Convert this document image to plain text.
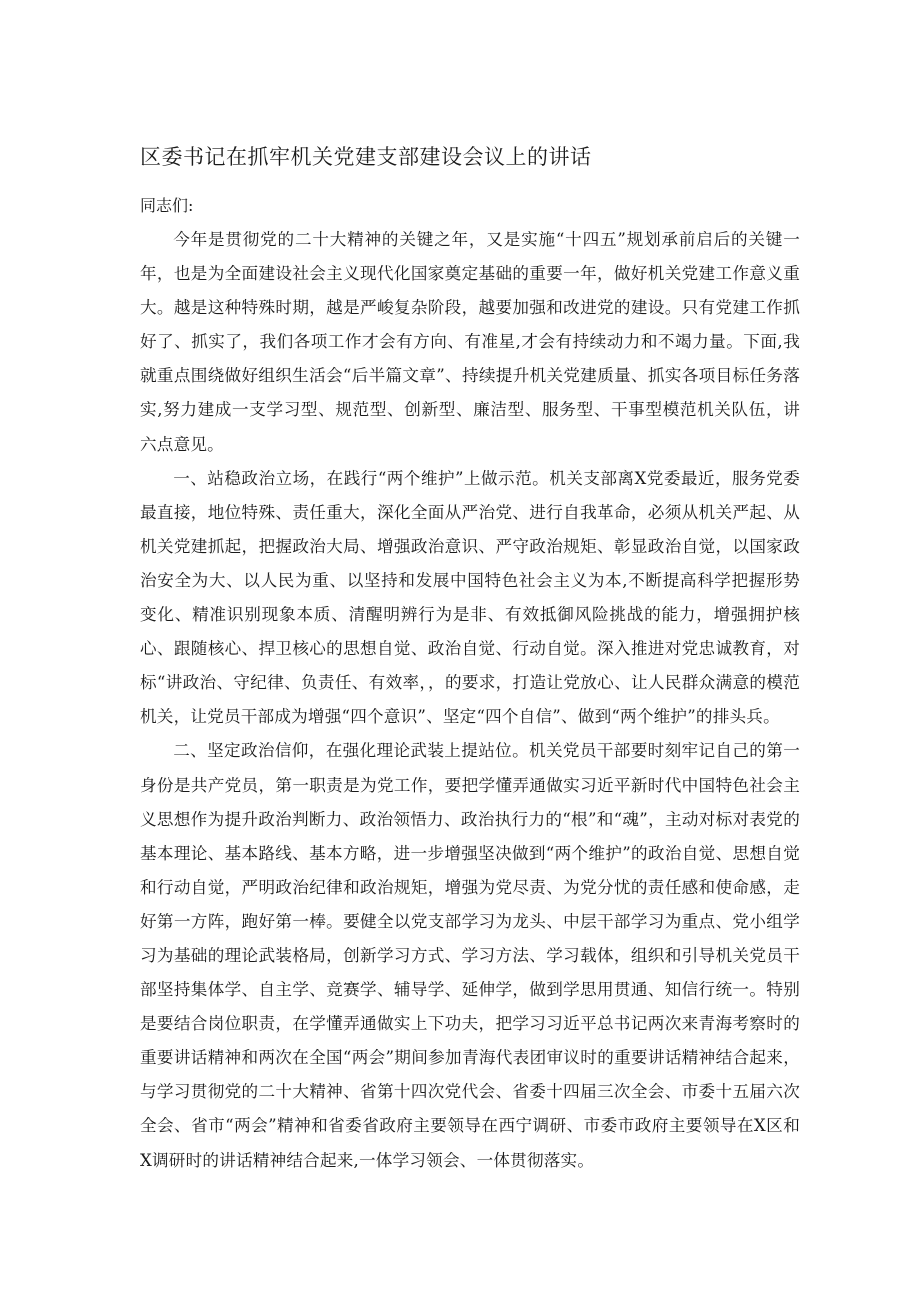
区委书记在抓牢机关党建支部建设会议上的讲话

同志们:

今年是贯彻党的二十大精神的关键之年，又是实施“十四五”规划承前启后的关键一年，也是为全面建设社会主义现代化国家奠定基础的重要一年，做好机关党建工作意义重大。越是这种特殊时期，越是严峻复杂阶段，越要加强和改进党的建设。只有党建工作抓好了、抓实了，我们各项工作才会有方向、有准星,才会有持续动力和不竭力量。下面,我就重点围绕做好组织生活会“后半篇文章”、持续提升机关党建质量、抓实各项目标任务落实,努力建成一支学习型、规范型、创新型、廉洁型、服务型、干事型模范机关队伍，讲六点意见。

一、站稳政治立场，在践行“两个维护”上做示范。机关支部离X党委最近，服务党委最直接，地位特殊、责任重大，深化全面从严治党、进行自我革命，必须从机关严起、从机关党建抓起，把握政治大局、增强政治意识、严守政治规矩、彰显政治自觉，以国家政治安全为大、以人民为重、以坚持和发展中国特色社会主义为本,不断提高科学把握形势变化、精准识别现象本质、清醒明辨行为是非、有效抵御风险挑战的能力，增强拥护核心、跟随核心、捍卫核心的思想自觉、政治自觉、行动自觉。深入推进对党忠诚教育，对标“讲政治、守纪律、负责任、有效率，，的要求，打造让党放心、让人民群众满意的模范机关，让党员干部成为增强“四个意识”、坚定“四个自信”、做到“两个维护”的排头兵。

二、坚定政治信仰，在强化理论武装上提站位。机关党员干部要时刻牢记自己的第一身份是共产党员，第一职责是为党工作，要把学懂弄通做实习近平新时代中国特色社会主义思想作为提升政治判断力、政治领悟力、政治执行力的“根”和“魂”，主动对标对表党的基本理论、基本路线、基本方略，进一步增强坚决做到“两个维护”的政治自觉、思想自觉和行动自觉，严明政治纪律和政治规矩，增强为党尽责、为党分忧的责任感和使命感，走好第一方阵，跑好第一棒。要健全以党支部学习为龙头、中层干部学习为重点、党小组学习为基础的理论武装格局，创新学习方式、学习方法、学习载体，组织和引导机关党员干部坚持集体学、自主学、竞赛学、辅导学、延伸学，做到学思用贯通、知信行统一。特别是要结合岗位职责，在学懂弄通做实上下功夫，把学习习近平总书记两次来青海考察时的重要讲话精神和两次在全国“两会”期间参加青海代表团审议时的重要讲话精神结合起来，与学习贯彻党的二十大精神、省第十四次党代会、省委十四届三次全会、市委十五届六次全会、省市“两会”精神和省委省政府主要领导在西宁调研、市委市政府主要领导在X区和X调研时的讲话精神结合起来,一体学习领会、一体贯彻落实。
